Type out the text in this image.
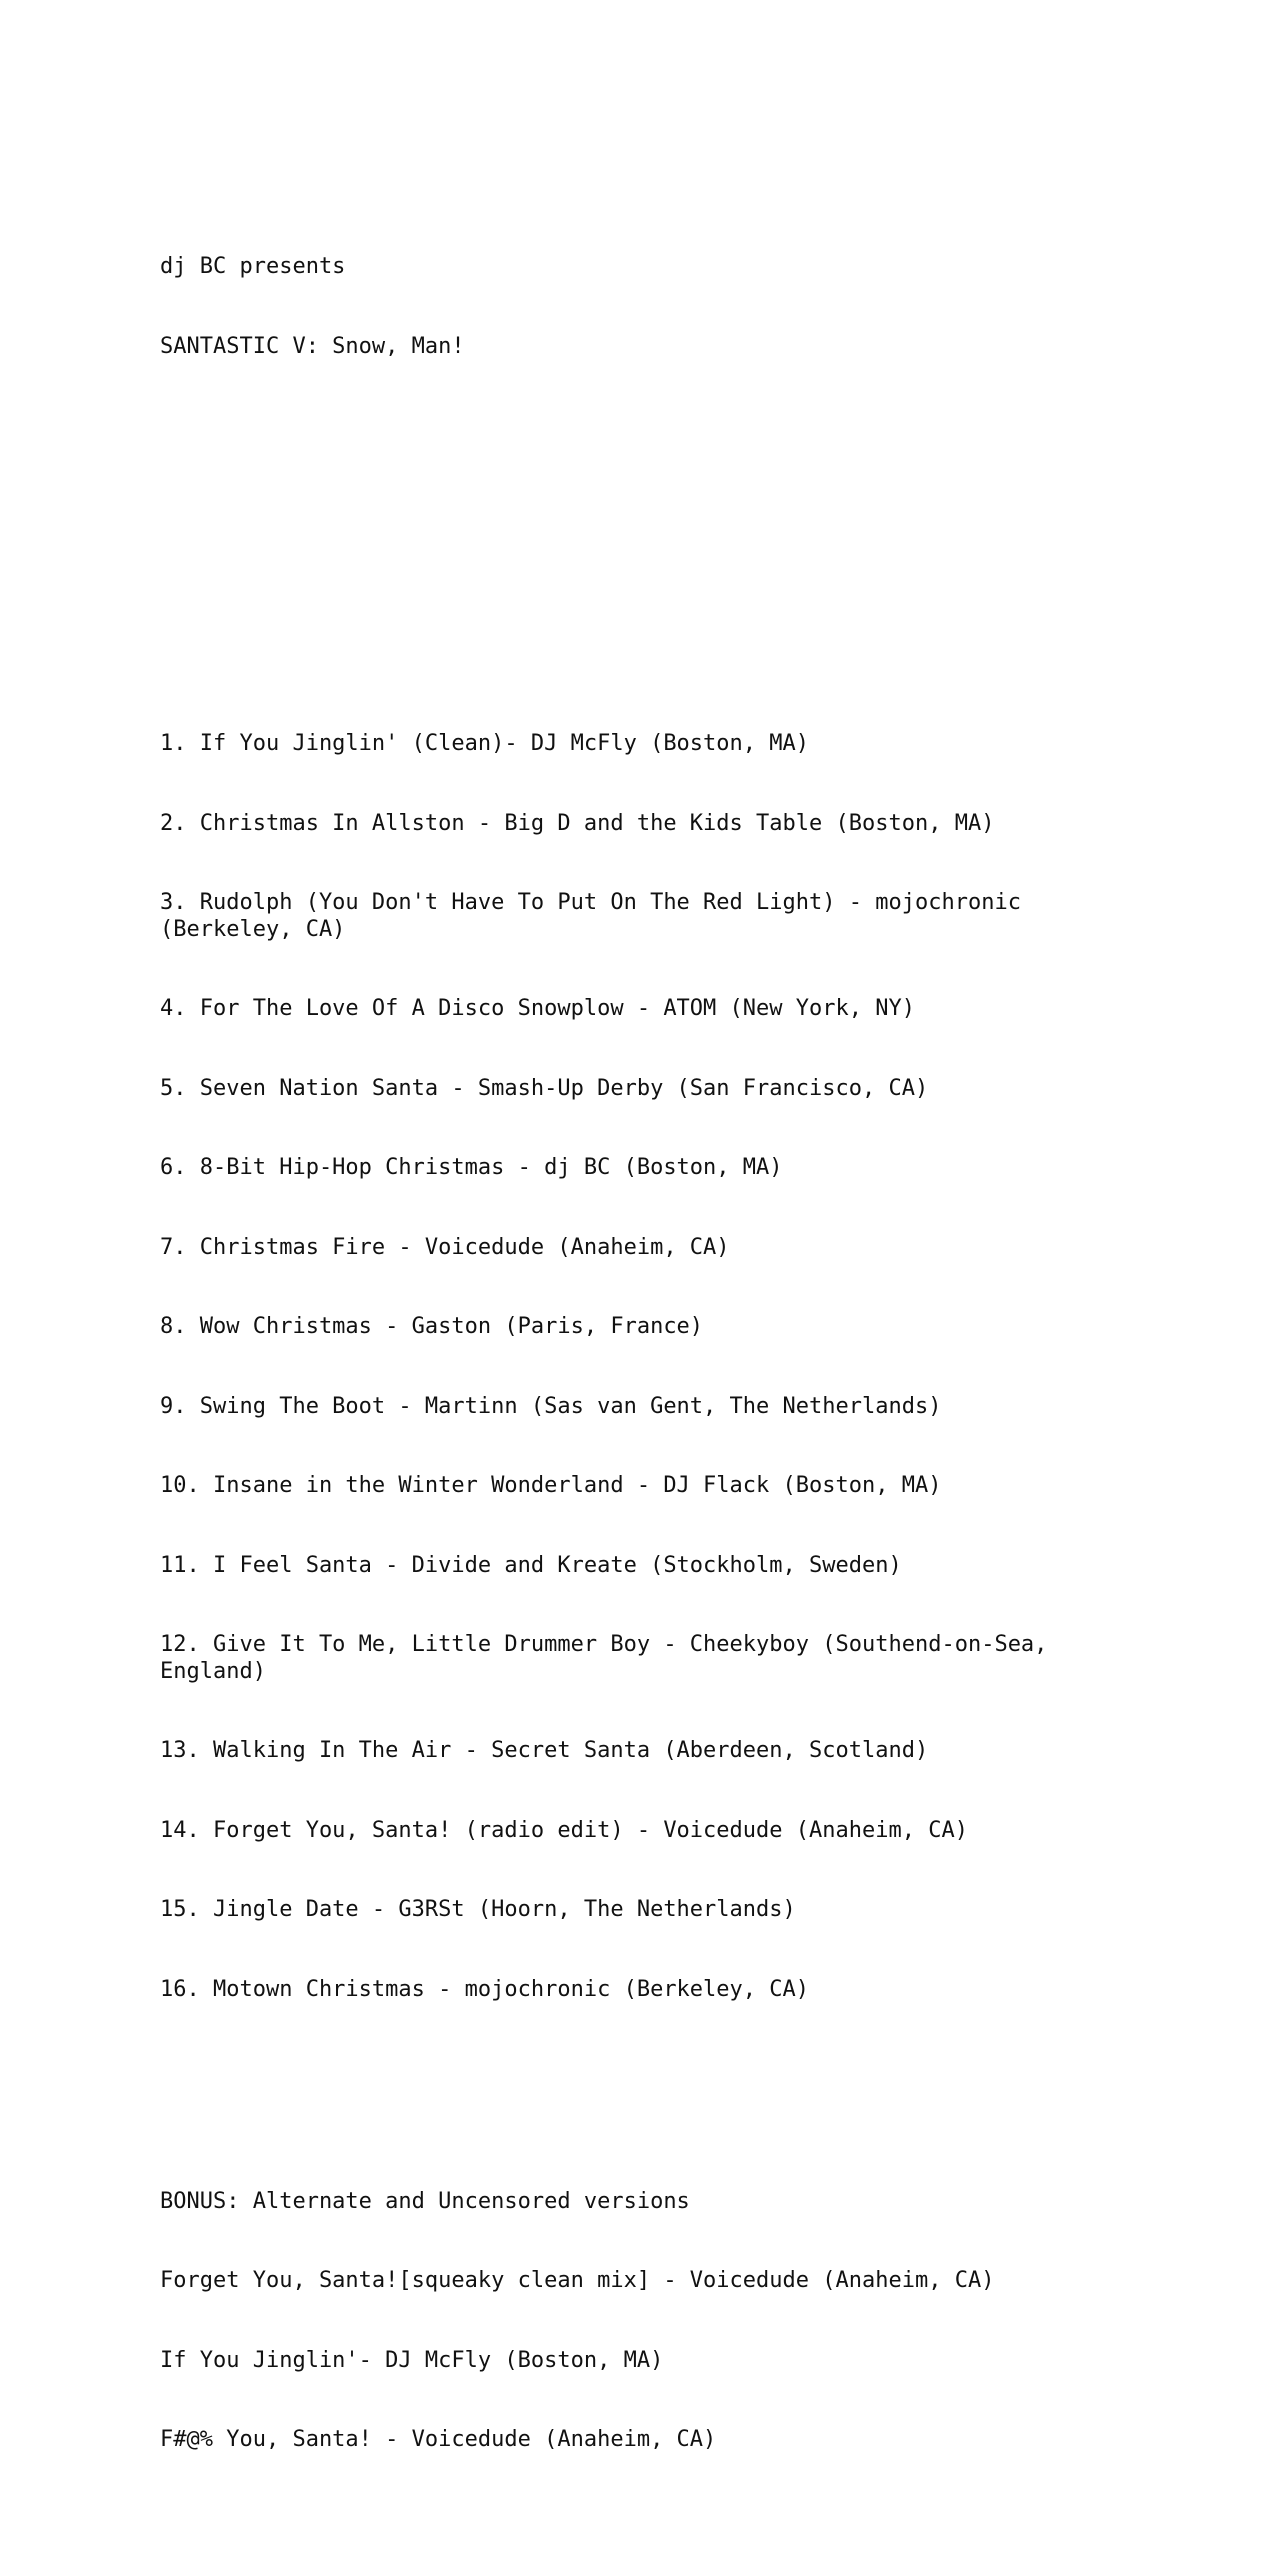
dj BC presents

SANTASTIC V: Snow, Man!

1. If You Jinglin' (Clean)- DJ McFly (Boston, MA)

2. Christmas In Allston - Big D and the Kids Table (Boston, MA)

3. Rudolph (You Don't Have To Put On The Red Light) - mojochronic
(Berkeley, CA)

4. For The Love Of A Disco Snowplow - ATOM (New York, NY)

5. Seven Nation Santa - Smash-Up Derby (San Francisco, CA)

6. 8-Bit Hip-Hop Christmas - dj BC (Boston, MA)

7. Christmas Fire - Voicedude (Anaheim, CA)

8. Wow Christmas - Gaston (Paris, France)

9. Swing The Boot - Martinn (Sas van Gent, The Netherlands)

10. Insane in the Winter Wonderland - DJ Flack (Boston, MA)

11. I Feel Santa - Divide and Kreate (Stockholm, Sweden)

12. Give It To Me, Little Drummer Boy - Cheekyboy (Southend-on-Sea,
England)

13. Walking In The Air - Secret Santa (Aberdeen, Scotland)

14. Forget You, Santa! (radio edit) - Voicedude (Anaheim, CA)

15. Jingle Date - G3RSt (Hoorn, The Netherlands)

16. Motown Christmas - mojochronic (Berkeley, CA)

BONUS: Alternate and Uncensored versions

Forget You, Santa![squeaky clean mix] - Voicedude (Anaheim, CA)

If You Jinglin'- DJ McFly (Boston, MA)

F#@% You, Santa! - Voicedude (Anaheim, CA)
